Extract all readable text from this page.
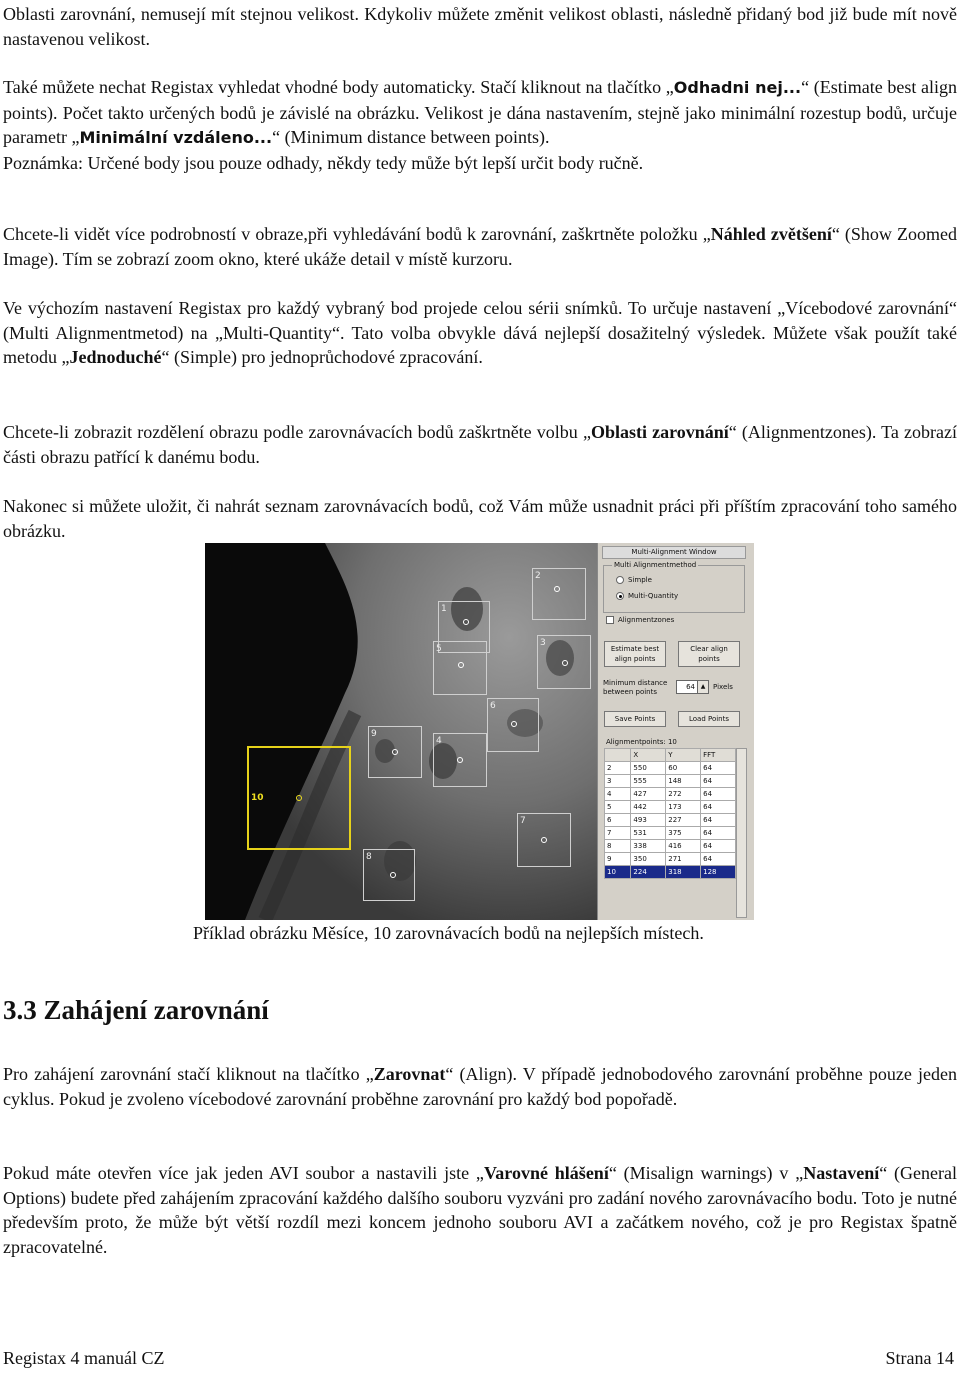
Oblasti zarovnání, nemusejí mít stejnou velikost. Kdykoliv můžete změnit velikost oblasti, následně přidaný bod již bude mít nově nastavenou velikost.

Také můžete nechat Registax vyhledat vhodné body automaticky. Stačí kliknout na tlačítko „Odhadni nej...“ (Estimate best align points). Počet takto určených bodů je závislé na obrázku. Velikost je dána nastavením, stejně jako minimální rozestup bodů, určuje parametr „Minimální vzdáleno...“ (Minimum distance between points).
Poznámka: Určené body jsou pouze odhady, někdy tedy může být lepší určit body ručně.

Chcete-li vidět více podrobností v obraze,při vyhledávání bodů k zarovnání, zaškrtněte položku „Náhled zvětšení“ (Show Zoomed Image). Tím se zobrazí zoom okno, které ukáže detail v místě kurzoru.

Ve výchozím nastavení Registax pro každý vybraný bod projede celou sérii snímků. To určuje nastavení „Vícebodové zarovnání“ (Multi Alignmentmetod) na „Multi-Quantity“. Tato volba obvykle dává nejlepší dosažitelný výsledek. Můžete však použít také metodu „Jednoduché“ (Simple) pro jednoprůchodové zpracování.

Chcete-li zobrazit rozdělení obrazu podle zarovnávacích bodů zaškrtněte volbu „Oblasti zarovnání“ (Alignmentzones). Ta zobrazí části obrazu patřící k danému bodu.

Nakonec si můžete uložit, či nahrát seznam zarovnávacích bodů, což Vám může usnadnit práci při příštím zpracování toho samého obrázku.

1
2
3
4
5
6
7
8
9
10
Multi-Alignment Window
Simple
Multi-Quantity
Multi Alignmentmethod
Alignmentzones
Estimate best align points
Clear align points
Minimum distance between points
64 ▲	Pixels
Save Points	Load Points
Alignmentpoints: 10
	X	Y	FFT
2	550	60	64
3	555	148	64
4	427	272	64
5	442	173	64
6	493	227	64
7	531	375	64
8	338	416	64
9	350	271	64
10	224	318	128

Příklad obrázku Měsíce, 10 zarovnávacích bodů na nejlepších místech.

3.3 Zahájení zarovnání

Pro zahájení zarovnání stačí kliknout na tlačítko „Zarovnat“ (Align). V případě jednobodového zarovnání proběhne pouze jeden cyklus. Pokud je zvoleno vícebodové zarovnání proběhne zarovnání pro každý bod popořadě.

Pokud máte otevřen více jak jeden AVI soubor a nastavili jste „Varovné hlášení“ (Misalign warnings) v „Nastavení“ (General Options) budete před zahájením zpracování každého dalšího souboru vyzváni pro zadání nového zarovnávacího bodu. Toto je nutné především proto, že může být větší rozdíl mezi koncem jednoho souboru AVI a začátkem nového, což je pro Registax špatně zpracovatelné.

Registax 4 manuál CZ	Strana 14
